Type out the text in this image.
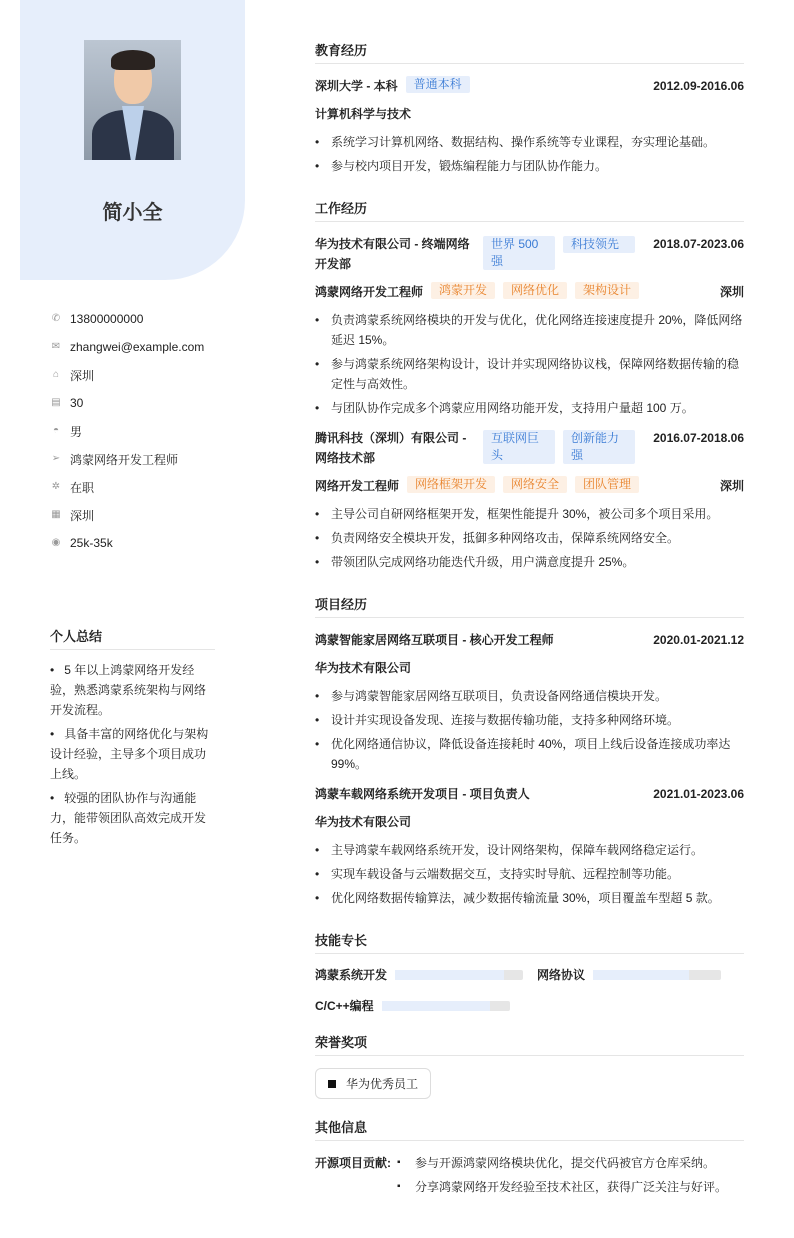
简小全
✆ 13800000000
✉ zhangwei@example.com
⌂ 深圳
▤ 30
◓ 男
➢ 鸿蒙网络开发工程师
✲ 在职
▦ 深圳
◉ 25k-35k
个人总结
• 5 年以上鸿蒙网络开发经验，熟悉鸿蒙系统架构与网络开发流程。
• 具备丰富的网络优化与架构设计经验，主导多个项目成功上线。
• 较强的团队协作与沟通能力，能带领团队高效完成开发任务。
教育经历
深圳大学 - 本科	普通本科	2012.09-2016.06
计算机科学与技术
• 系统学习计算机网络、数据结构、操作系统等专业课程，夯实理论基础。
• 参与校内项目开发，锻炼编程能力与团队协作能力。
工作经历
华为技术有限公司 - 终端网络开发部
世界 500 强
科技领先	2018.07-2023.06
鸿蒙网络开发工程师	鸿蒙开发	网络优化	架构设计	深圳
• 负责鸿蒙系统网络模块的开发与优化，优化网络连接速度提升 20%，降低网络延迟 15%。
• 参与鸿蒙系统网络架构设计，设计并实现网络协议栈，保障网络数据传输的稳定性与高效性。
• 与团队协作完成多个鸿蒙应用网络功能开发，支持用户量超 100 万。
腾讯科技（深圳）有限公司 - 网络技术部
互联网巨头
创新能力强
2016.07-2018.06
网络开发工程师	网络框架开发	网络安全	团队管理	深圳
• 主导公司自研网络框架开发，框架性能提升 30%，被公司多个项目采用。
• 负责网络安全模块开发，抵御多种网络攻击，保障系统网络安全。
• 带领团队完成网络功能迭代升级，用户满意度提升 25%。
项目经历
鸿蒙智能家居网络互联项目 - 核心开发工程师	2020.01-2021.12
华为技术有限公司
• 参与鸿蒙智能家居网络互联项目，负责设备网络通信模块开发。
• 设计并实现设备发现、连接与数据传输功能，支持多种网络环境。
• 优化网络通信协议，降低设备连接耗时 40%，项目上线后设备连接成功率达 99%。
鸿蒙车载网络系统开发项目 - 项目负责人	2021.01-2023.06
华为技术有限公司
• 主导鸿蒙车载网络系统开发，设计网络架构，保障车载网络稳定运行。
• 实现车载设备与云端数据交互，支持实时导航、远程控制等功能。
• 优化网络数据传输算法，减少数据传输流量 30%，项目覆盖车型超 5 款。
技能专长
鸿蒙系统开发	网络协议
C/C++编程
荣誉奖项
华为优秀员工
其他信息
开源项目贡献:	▪ 参与开源鸿蒙网络模块优化，提交代码被官方仓库采纳。
▪ 分享鸿蒙网络开发经验至技术社区，获得广泛关注与好评。
